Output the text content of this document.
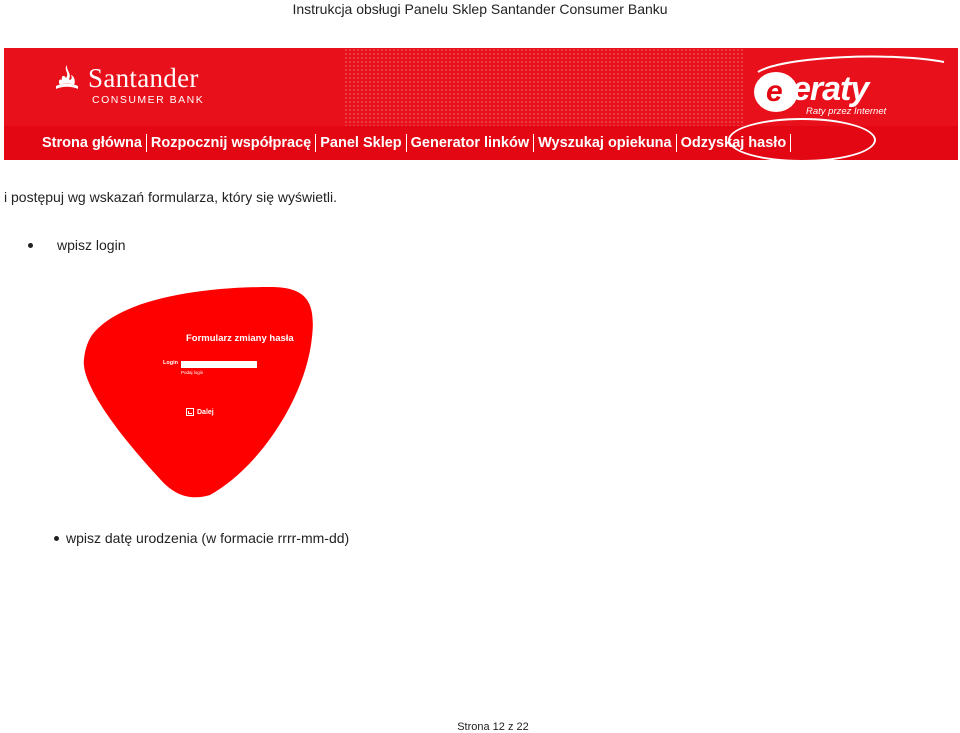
Instrukcja obsługi Panelu Sklep Santander Consumer Banku
Santander
CONSUMER BANK	e eraty
Raty przez Internet
Strona główna Rozpocznij współpracę Panel Sklep Generator linków Wyszukaj opiekuna Odzyskaj hasło
i postępuj wg wskazań formularza, który się wyświetli.
wpisz login
Formularz zmiany hasła
Login
Podaj login
Dalej
wpisz datę urodzenia (w formacie rrrr-mm-dd)
Strona 12 z 22
